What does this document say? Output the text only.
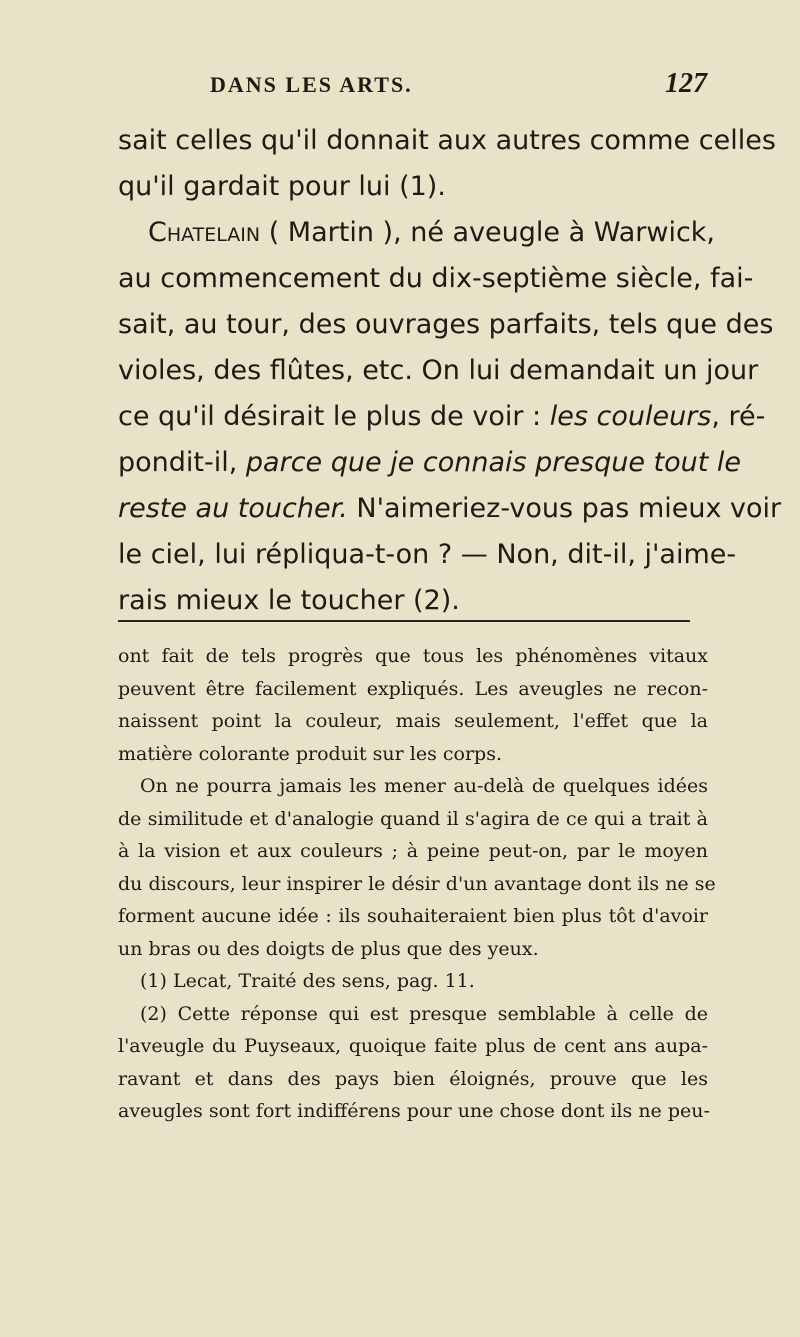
DANS LES ARTS.	127
sait celles qu'il donnait aux autres comme celles
qu'il gardait pour lui (1).
Chatelain ( Martin ), né aveugle à Warwick,
au commencement du dix-septième siècle, fai-
sait, au tour, des ouvrages parfaits, tels que des
violes, des flûtes, etc. On lui demandait un jour
ce qu'il désirait le plus de voir : les couleurs, ré-
pondit-il, parce que je connais presque tout le
reste au toucher. N'aimeriez-vous pas mieux voir
le ciel, lui répliqua-t-on ? — Non, dit-il, j'aime-
rais mieux le toucher (2).
ont fait de tels progrès que tous les phénomènes vitaux
peuvent être facilement expliqués. Les aveugles ne recon-
naissent point la couleur, mais seulement, l'effet que la
matière colorante produit sur les corps.
On ne pourra jamais les mener au-delà de quelques idées
de similitude et d'analogie quand il s'agira de ce qui a trait à
à la vision et aux couleurs ; à peine peut-on, par le moyen
du discours, leur inspirer le désir d'un avantage dont ils ne se
forment aucune idée : ils souhaiteraient bien plus tôt d'avoir
un bras ou des doigts de plus que des yeux.
(1) Lecat, Traité des sens, pag. 11.
(2) Cette réponse qui est presque semblable à celle de
l'aveugle du Puyseaux, quoique faite plus de cent ans aupa-
ravant et dans des pays bien éloignés, prouve que les
aveugles sont fort indifférens pour une chose dont ils ne peu-
